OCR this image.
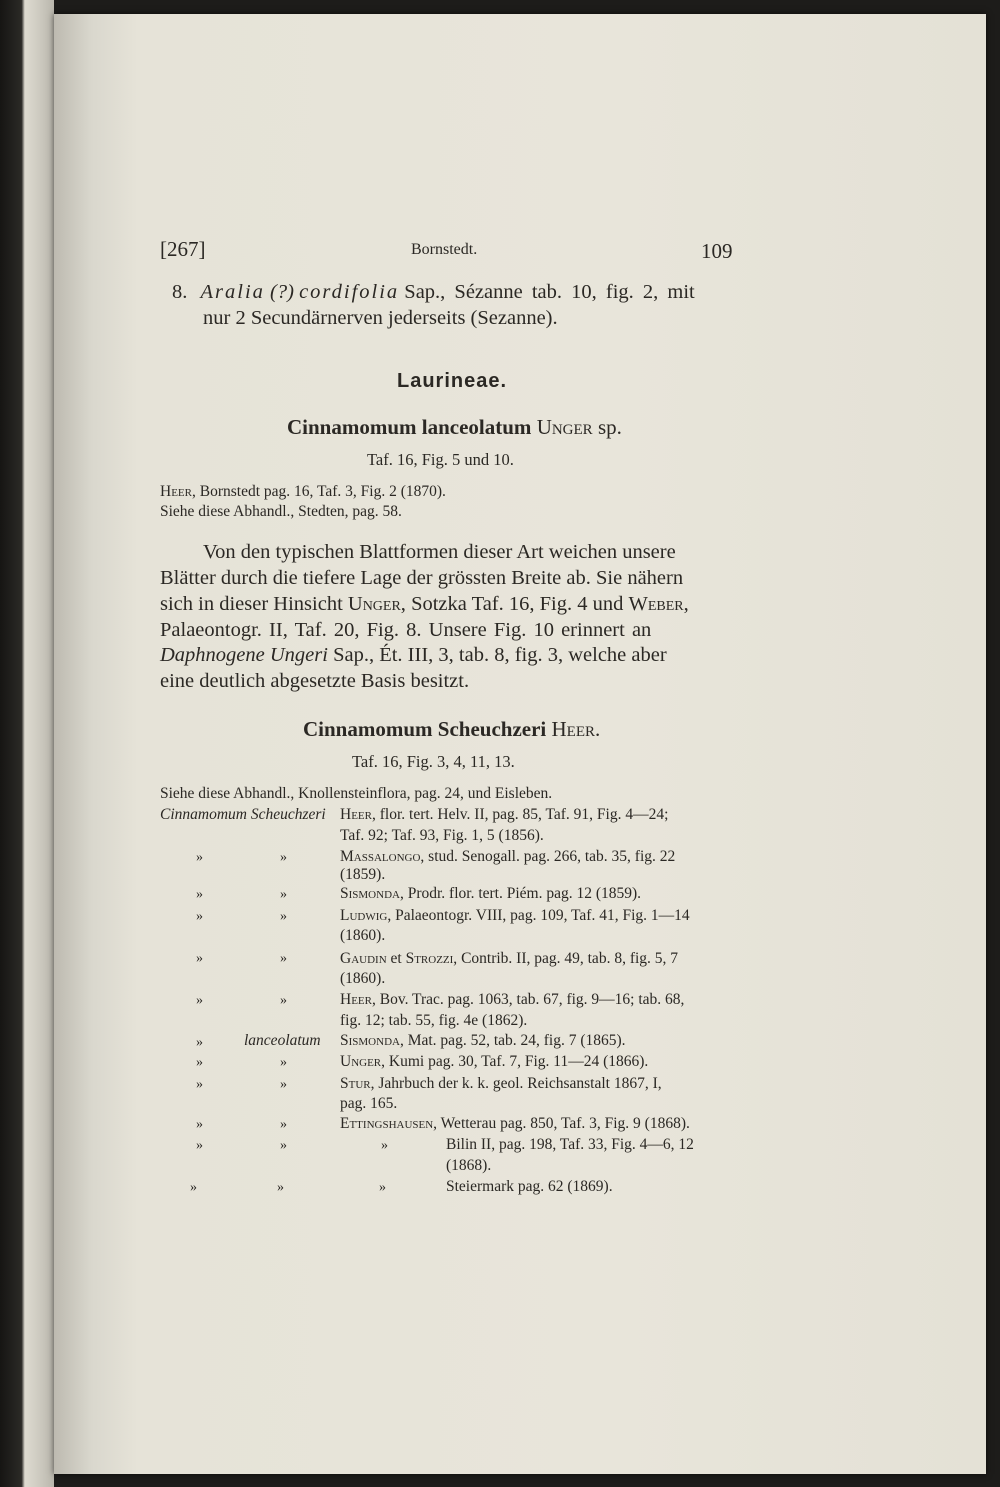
[267]	Bornstedt.	109
8. Aralia (?) cordifolia Sap., Sézanne tab. 10, fig. 2, mit
nur 2 Secundärnerven jederseits (Sezanne).
Laurineae.
Cinnamomum lanceolatum Unger sp.
Taf. 16, Fig. 5 und 10.
Heer, Bornstedt pag. 16, Taf. 3, Fig. 2 (1870).
Siehe diese Abhandl., Stedten, pag. 58.
Von den typischen Blattformen dieser Art weichen unsere
Blätter durch die tiefere Lage der grössten Breite ab. Sie nähern
sich in dieser Hinsicht Unger, Sotzka Taf. 16, Fig. 4 und Weber,
Palaeontogr. II, Taf. 20, Fig. 8. Unsere Fig. 10 erinnert an
Daphnogene Ungeri Sap., Ét. III, 3, tab. 8, fig. 3, welche aber
eine deutlich abgesetzte Basis besitzt.
Cinnamomum Scheuchzeri Heer.
Taf. 16, Fig. 3, 4, 11, 13.
Siehe diese Abhandl., Knollensteinflora, pag. 24, und Eisleben.
Cinnamomum Scheuchzeri Heer, flor. tert. Helv. II, pag. 85, Taf. 91, Fig. 4—24;
Taf. 92; Taf. 93, Fig. 1, 5 (1856).
»	»	Massalongo, stud. Senogall. pag. 266, tab. 35, fig. 22
(1859).
»	»	Sismonda, Prodr. flor. tert. Piém. pag. 12 (1859).
»	»	Ludwig, Palaeontogr. VIII, pag. 109, Taf. 41, Fig. 1—14
(1860).
»	»	Gaudin et Strozzi, Contrib. II, pag. 49, tab. 8, fig. 5, 7
(1860).
»	»	Heer, Bov. Trac. pag. 1063, tab. 67, fig. 9—16; tab. 68,
fig. 12; tab. 55, fig. 4e (1862).
»	lanceolatum Sismonda, Mat. pag. 52, tab. 24, fig. 7 (1865).
»	»	Unger, Kumi pag. 30, Taf. 7, Fig. 11—24 (1866).
»	»	Stur, Jahrbuch der k. k. geol. Reichsanstalt 1867, I,
pag. 165.
»	»	Ettingshausen, Wetterau pag. 850, Taf. 3, Fig. 9 (1868).
»	»	»	Bilin II, pag. 198, Taf. 33, Fig. 4—6, 12
(1868).
»	»	»	Steiermark pag. 62 (1869).
